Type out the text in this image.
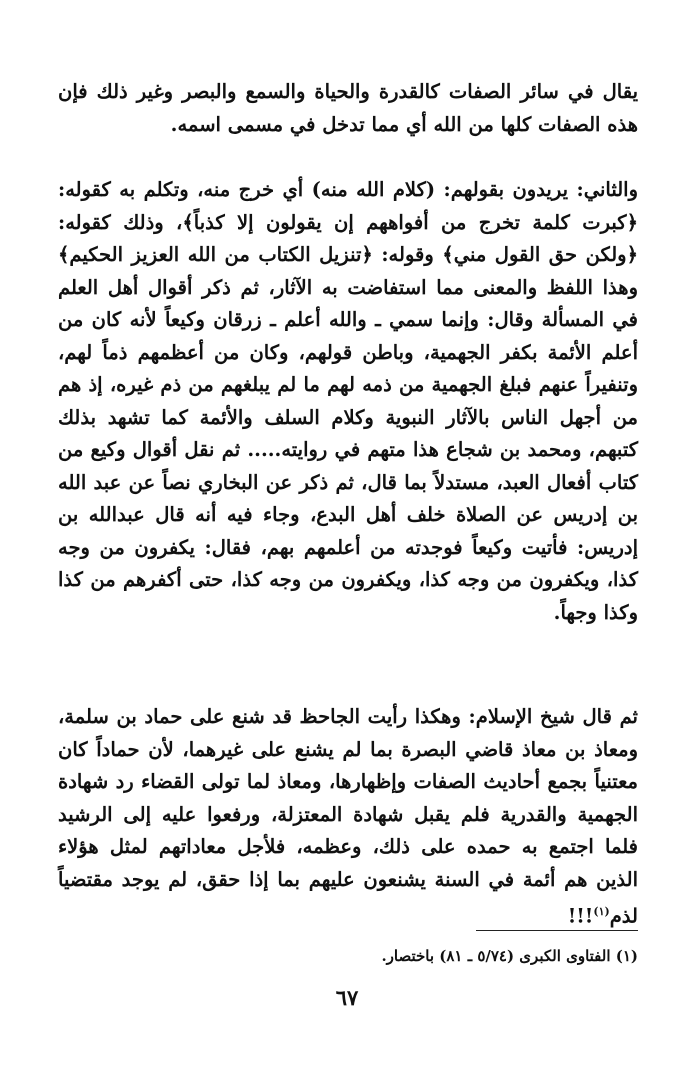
يقال في سائر الصفات كالقدرة والحياة والسمع والبصر وغير ذلك فإن هذه الصفات كلها من الله أي مما تدخل في مسمى اسمه.

والثاني: يريدون بقولهم: (كلام الله منه) أي خرج منه، وتكلم به كقوله: ﴿كبرت كلمة تخرج من أفواههم إن يقولون إلا كذباً﴾، وذلك كقوله: ﴿ولكن حق القول مني﴾ وقوله: ﴿تنزيل الكتاب من الله العزيز الحكيم﴾ وهذا اللفظ والمعنى مما استفاضت به الآثار، ثم ذكر أقوال أهل العلم في المسألة وقال: وإنما سمي ـ والله أعلم ـ زرقان وكيعاً لأنه كان من أعلم الأئمة بكفر الجهمية، وباطن قولهم، وكان من أعظمهم ذماً لهم، وتنفيراً عنهم فبلغ الجهمية من ذمه لهم ما لم يبلغهم من ذم غيره، إذ هم من أجهل الناس بالآثار النبوية وكلام السلف والأئمة كما تشهد بذلك كتبهم، ومحمد بن شجاع هذا متهم في روايته..... ثم نقل أقوال وكيع من كتاب أفعال العبد، مستدلاً بما قال، ثم ذكر عن البخاري نصاً عن عبد الله بن إدريس عن الصلاة خلف أهل البدع، وجاء فيه أنه قال عبدالله بن إدريس: فأتيت وكيعاً فوجدته من أعلمهم بهم، فقال: يكفرون من وجه كذا، ويكفرون من وجه كذا، ويكفرون من وجه كذا، حتى أكفرهم من كذا وكذا وجهاً.

ثم قال شيخ الإسلام: وهكذا رأيت الجاحظ قد شنع على حماد بن سلمة، ومعاذ بن معاذ قاضي البصرة بما لم يشنع على غيرهما، لأن حماداً كان معتنياً بجمع أحاديث الصفات وإظهارها، ومعاذ لما تولى القضاء رد شهادة الجهمية والقدرية فلم يقبل شهادة المعتزلة، ورفعوا عليه إلى الرشيد فلما اجتمع به حمده على ذلك، وعظمه، فلأجل معاداتهم لمثل هؤلاء الذين هم أئمة في السنة يشنعون عليهم بما إذا حقق، لم يوجد مقتضياً لذم$^{(١)}$!!!

(١) الفتاوى الكبرى (٥/٧٤ ـ ٨١) باختصار.

٦٧
